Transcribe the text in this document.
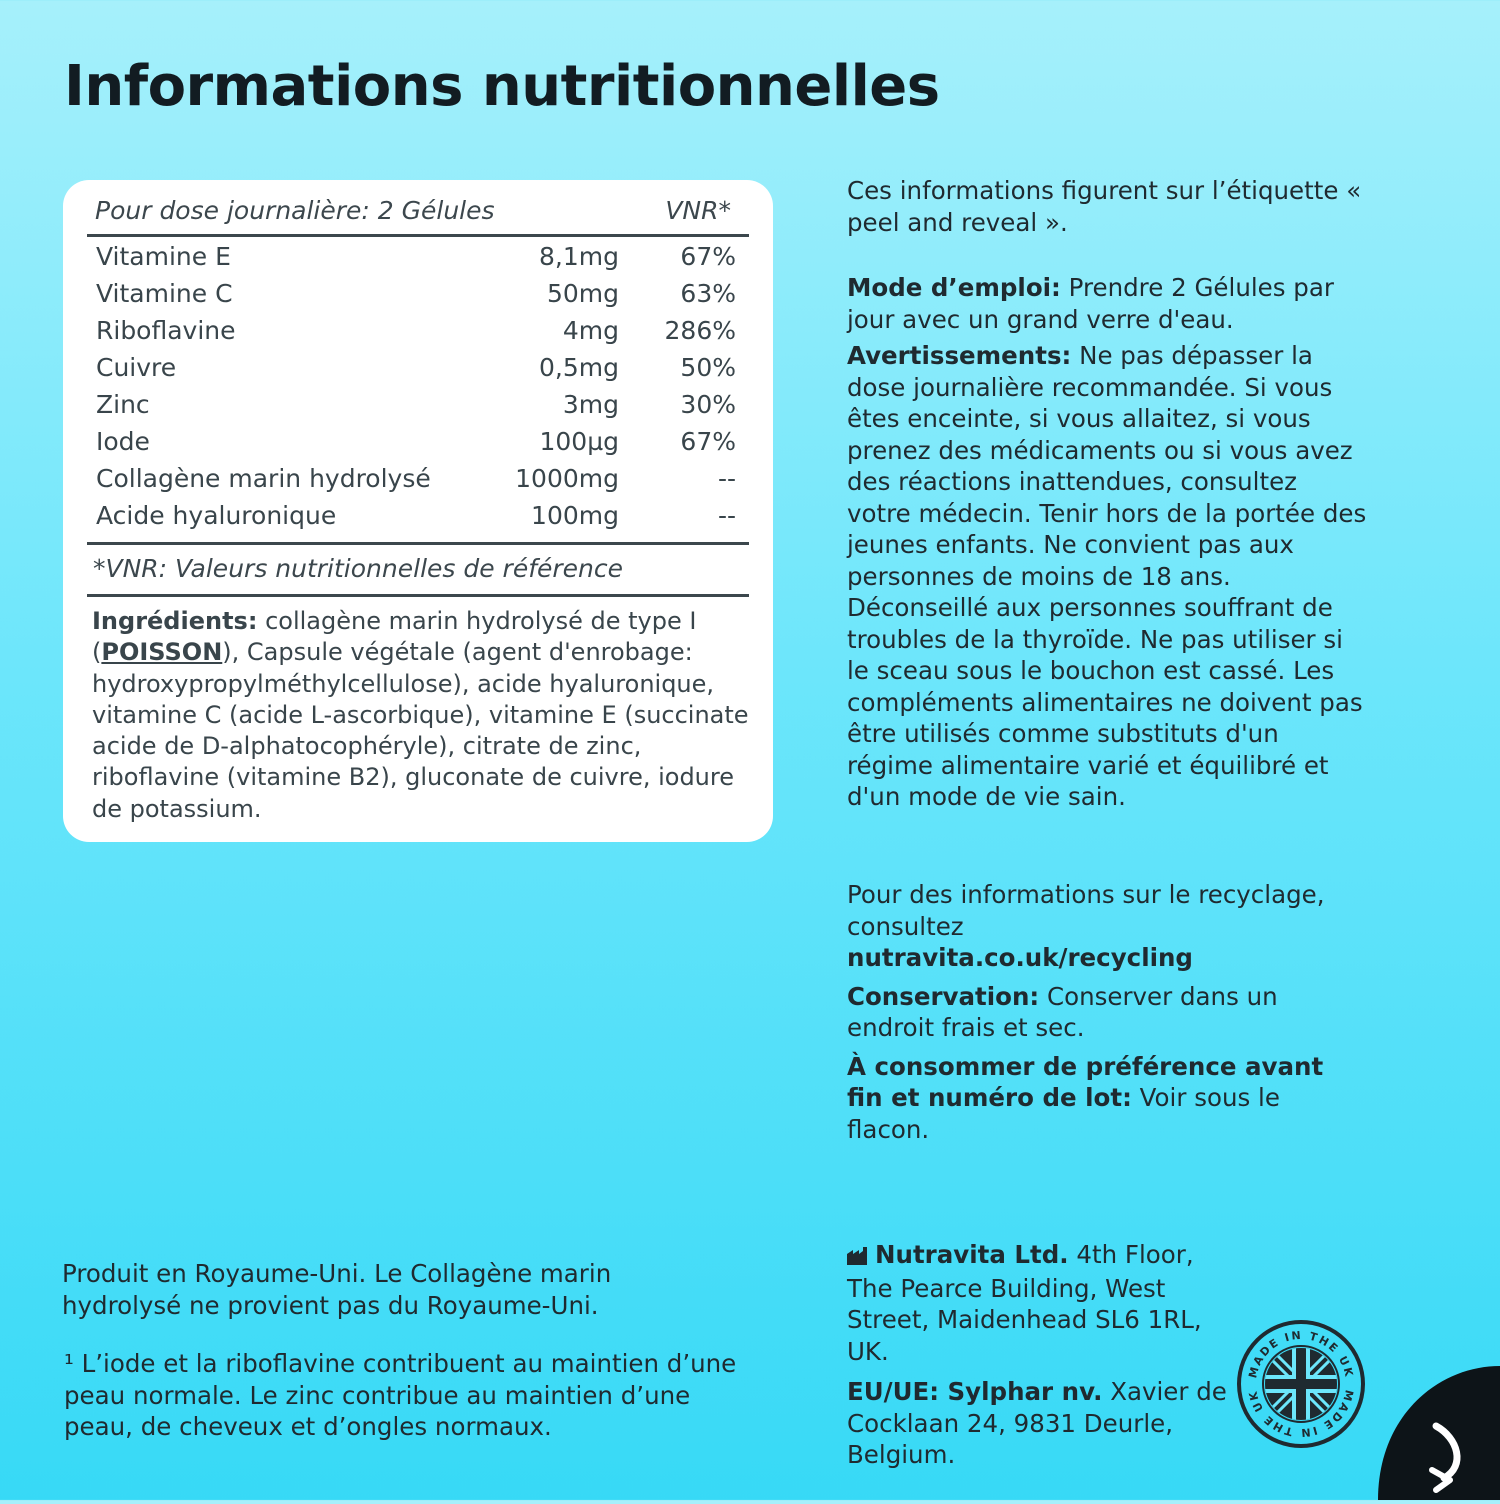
Informations nutritionnelles
Pour dose journalière: 2 Gélules	VNR*
Vitamine E	8,1mg 67%
Vitamine C	50mg 63%
Riboflavine	4mg 286%
Cuivre	0,5mg 50%
Zinc	3mg 30%
Iode	100µg 67%
Collagène marin hydrolysé	1000mg	--
Acide hyaluronique	100mg	--
*VNR: Valeurs nutritionnelles de référence
Ingrédients: collagène marin hydrolysé de type I (POISSON), Capsule végétale (agent d'enrobage: hydroxypropylméthylcellulose), acide hyaluronique, vitamine C (acide L-ascorbique), vitamine E (succinate acide de D-alphatocophéryle), citrate de zinc, riboflavine (vitamine B2), gluconate de cuivre, iodure de potassium.

Ces informations figurent sur l’étiquette « peel and reveal ».

Mode d’emploi: Prendre 2 Gélules par jour avec un grand verre d'eau.

Avertissements: Ne pas dépasser la dose journalière recommandée. Si vous êtes enceinte, si vous allaitez, si vous prenez des médicaments ou si vous avez des réactions inattendues, consultez votre médecin. Tenir hors de la portée des jeunes enfants. Ne convient pas aux personnes de moins de 18 ans. Déconseillé aux personnes souffrant de troubles de la thyroïde. Ne pas utiliser si le sceau sous le bouchon est cassé. Les compléments alimentaires ne doivent pas être utilisés comme substituts d'un régime alimentaire varié et équilibré et d'un mode de vie sain.

Pour des informations sur le recyclage, consultez
nutravita.co.uk/recycling

Conservation: Conserver dans un endroit frais et sec.

À consommer de préférence avant fin et numéro de lot: Voir sous le flacon.

Produit en Royaume-Uni. Le Collagène marin hydrolysé ne provient pas du Royaume-Uni.

¹ L’iode et la riboflavine contribuent au maintien d’une peau normale. Le zinc contribue au maintien d’une peau, de cheveux et d’ongles normaux.

Nutravita Ltd. 4th Floor, The Pearce Building, West Street, Maidenhead SL6 1RL, UK.

EU/UE: Sylphar nv. Xavier de Cocklaan 24, 9831 Deurle, Belgium.

MADE IN THE UK
MADE IN THE UK
